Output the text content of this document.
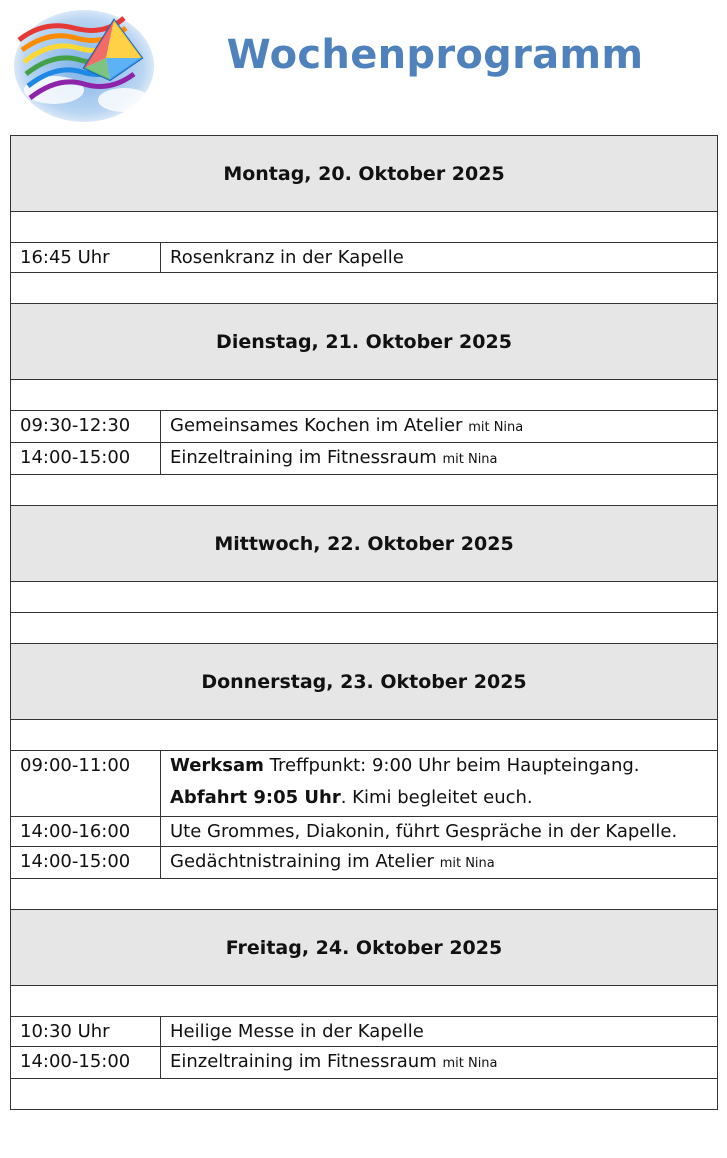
Wochenprogramm
Montag, 20. Oktober 2025
16:45 Uhr	Rosenkranz in der Kapelle
Dienstag, 21. Oktober 2025
09:30-12:30	Gemeinsames Kochen im Atelier mit Nina
14:00-15:00	Einzeltraining im Fitnessraum mit Nina
Mittwoch, 22. Oktober 2025
Donnerstag, 23. Oktober 2025
09:00-11:00	Werksam Treffpunkt: 9:00 Uhr beim Haupteingang.
Abfahrt 9:05 Uhr. Kimi begleitet euch.
14:00-16:00	Ute Grommes, Diakonin, führt Gespräche in der Kapelle.
14:00-15:00	Gedächtnistraining im Atelier mit Nina
Freitag, 24. Oktober 2025
10:30 Uhr	Heilige Messe in der Kapelle
14:00-15:00	Einzeltraining im Fitnessraum mit Nina
